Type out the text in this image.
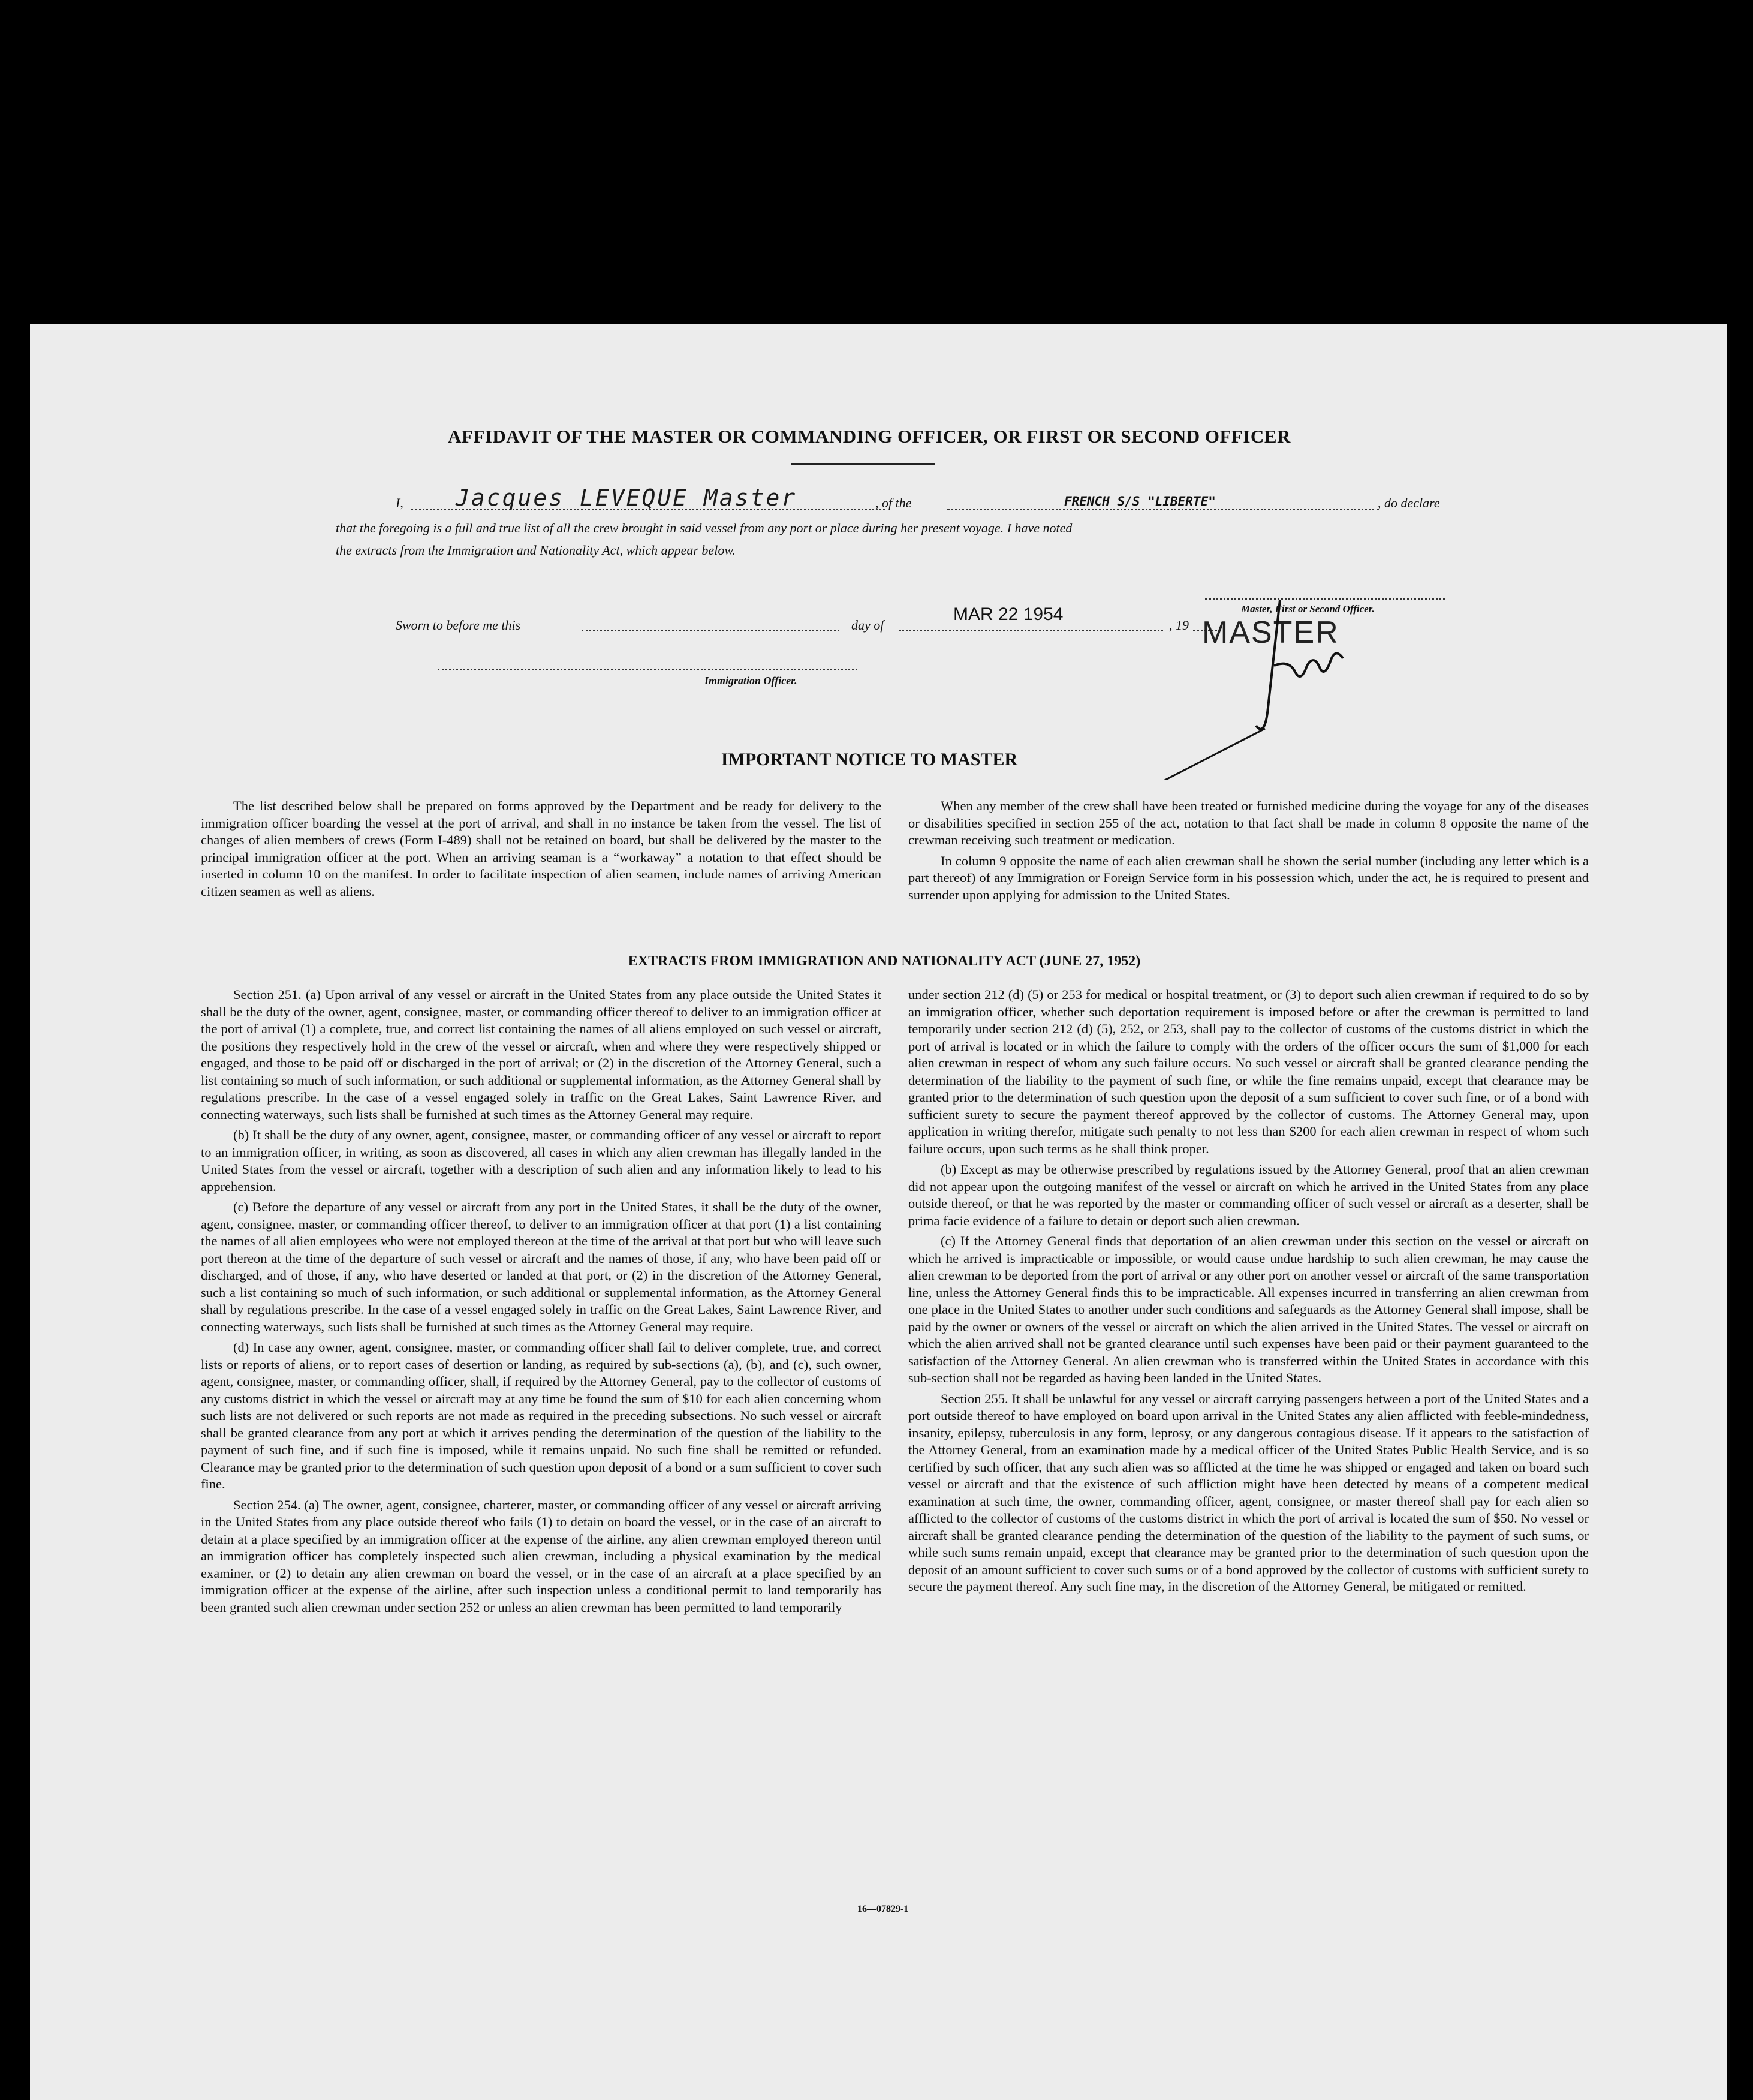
AFFIDAVIT OF THE MASTER OR COMMANDING OFFICER, OR FIRST OR SECOND OFFICER
I, Jacques LEVEQUE Master	, of the	FRENCH S/S "LIBERTE"	, do declare
that the foregoing is a full and true list of all the crew brought in said vessel from any port or place during her present voyage. I have noted
the extracts from the Immigration and Nationality Act, which appear below.
Sworn to before me this	day of
MAR 22 1954
, 19
Master, First or Second Officer.
MASTER
Immigration Officer.
IMPORTANT NOTICE TO MASTER

The list described below shall be prepared on forms approved by the Department and be ready for delivery to the immigration officer boarding the vessel at the port of arrival, and shall in no instance be taken from the vessel. The list of changes of alien members of crews (Form I-489) shall not be retained on board, but shall be delivered by the master to the principal immigration officer at the port. When an arriving seaman is a “workaway” a notation to that effect should be inserted in column 10 on the manifest. In order to facilitate inspection of alien seamen, include names of arriving American citizen seamen as well as aliens.

When any member of the crew shall have been treated or furnished medicine during the voyage for any of the diseases or disabilities specified in section 255 of the act, notation to that fact shall be made in column 8 opposite the name of the crewman receiving such treatment or medication.

In column 9 opposite the name of each alien crewman shall be shown the serial number (including any letter which is a part thereof) of any Immigration or Foreign Service form in his possession which, under the act, he is required to present and surrender upon applying for admission to the United States.

EXTRACTS FROM IMMIGRATION AND NATIONALITY ACT (JUNE 27, 1952)

Section 251. (a) Upon arrival of any vessel or aircraft in the United States from any place outside the United States it shall be the duty of the owner, agent, consignee, master, or commanding officer thereof to deliver to an immigration officer at the port of arrival (1) a complete, true, and correct list containing the names of all aliens employed on such vessel or aircraft, the positions they respectively hold in the crew of the vessel or aircraft, when and where they were respectively shipped or engaged, and those to be paid off or discharged in the port of arrival; or (2) in the discretion of the Attorney General, such a list containing so much of such information, or such additional or supplemental information, as the Attorney General shall by regulations prescribe. In the case of a vessel engaged solely in traffic on the Great Lakes, Saint Lawrence River, and connecting waterways, such lists shall be furnished at such times as the Attorney General may require.

(b) It shall be the duty of any owner, agent, consignee, master, or commanding officer of any vessel or aircraft to report to an immigration officer, in writing, as soon as discovered, all cases in which any alien crewman has illegally landed in the United States from the vessel or aircraft, together with a description of such alien and any information likely to lead to his apprehension.

(c) Before the departure of any vessel or aircraft from any port in the United States, it shall be the duty of the owner, agent, consignee, master, or commanding officer thereof, to deliver to an immigration officer at that port (1) a list containing the names of all alien employees who were not employed thereon at the time of the arrival at that port but who will leave such port thereon at the time of the departure of such vessel or aircraft and the names of those, if any, who have been paid off or discharged, and of those, if any, who have deserted or landed at that port, or (2) in the discretion of the Attorney General, such a list containing so much of such information, or such additional or supplemental information, as the Attorney General shall by regulations prescribe. In the case of a vessel engaged solely in traffic on the Great Lakes, Saint Lawrence River, and connecting waterways, such lists shall be furnished at such times as the Attorney General may require.

(d) In case any owner, agent, consignee, master, or commanding officer shall fail to deliver complete, true, and correct lists or reports of aliens, or to report cases of desertion or landing, as required by sub-sections (a), (b), and (c), such owner, agent, consignee, master, or commanding officer, shall, if required by the Attorney General, pay to the collector of customs of any customs district in which the vessel or aircraft may at any time be found the sum of $10 for each alien concerning whom such lists are not delivered or such reports are not made as required in the preceding subsections. No such vessel or aircraft shall be granted clearance from any port at which it arrives pending the determination of the question of the liability to the payment of such fine, and if such fine is imposed, while it remains unpaid. No such fine shall be remitted or refunded. Clearance may be granted prior to the determination of such question upon deposit of a bond or a sum sufficient to cover such fine.

Section 254. (a) The owner, agent, consignee, charterer, master, or commanding officer of any vessel or aircraft arriving in the United States from any place outside thereof who fails (1) to detain on board the vessel, or in the case of an aircraft to detain at a place specified by an immigration officer at the expense of the airline, any alien crewman employed thereon until an immigration officer has completely inspected such alien crewman, including a physical examination by the medical examiner, or (2) to detain any alien crewman on board the vessel, or in the case of an aircraft at a place specified by an immigration officer at the expense of the airline, after such inspection unless a conditional permit to land temporarily has been granted such alien crewman under section 252 or unless an alien crewman has been permitted to land temporarily

under section 212 (d) (5) or 253 for medical or hospital treatment, or (3) to deport such alien crewman if required to do so by an immigration officer, whether such deportation requirement is imposed before or after the crewman is permitted to land temporarily under section 212 (d) (5), 252, or 253, shall pay to the collector of customs of the customs district in which the port of arrival is located or in which the failure to comply with the orders of the officer occurs the sum of $1,000 for each alien crewman in respect of whom any such failure occurs. No such vessel or aircraft shall be granted clearance pending the determination of the liability to the payment of such fine, or while the fine remains unpaid, except that clearance may be granted prior to the determination of such question upon the deposit of a sum sufficient to cover such fine, or of a bond with sufficient surety to secure the payment thereof approved by the collector of customs. The Attorney General may, upon application in writing therefor, mitigate such penalty to not less than $200 for each alien crewman in respect of whom such failure occurs, upon such terms as he shall think proper.

(b) Except as may be otherwise prescribed by regulations issued by the Attorney General, proof that an alien crewman did not appear upon the outgoing manifest of the vessel or aircraft on which he arrived in the United States from any place outside thereof, or that he was reported by the master or commanding officer of such vessel or aircraft as a deserter, shall be prima facie evidence of a failure to detain or deport such alien crewman.

(c) If the Attorney General finds that deportation of an alien crewman under this section on the vessel or aircraft on which he arrived is impracticable or impossible, or would cause undue hardship to such alien crewman, he may cause the alien crewman to be deported from the port of arrival or any other port on another vessel or aircraft of the same transportation line, unless the Attorney General finds this to be impracticable. All expenses incurred in transferring an alien crewman from one place in the United States to another under such conditions and safeguards as the Attorney General shall impose, shall be paid by the owner or owners of the vessel or aircraft on which the alien arrived in the United States. The vessel or aircraft on which the alien arrived shall not be granted clearance until such expenses have been paid or their payment guaranteed to the satisfaction of the Attorney General. An alien crewman who is transferred within the United States in accordance with this sub-section shall not be regarded as having been landed in the United States.

Section 255. It shall be unlawful for any vessel or aircraft carrying passengers between a port of the United States and a port outside thereof to have employed on board upon arrival in the United States any alien afflicted with feeble-mindedness, insanity, epilepsy, tuberculosis in any form, leprosy, or any dangerous contagious disease. If it appears to the satisfaction of the Attorney General, from an examination made by a medical officer of the United States Public Health Service, and is so certified by such officer, that any such alien was so afflicted at the time he was shipped or engaged and taken on board such vessel or aircraft and that the existence of such affliction might have been detected by means of a competent medical examination at such time, the owner, commanding officer, agent, consignee, or master thereof shall pay for each alien so afflicted to the collector of customs of the customs district in which the port of arrival is located the sum of $50. No vessel or aircraft shall be granted clearance pending the determination of the question of the liability to the payment of such sums, or while such sums remain unpaid, except that clearance may be granted prior to the determination of such question upon the deposit of an amount sufficient to cover such sums or of a bond approved by the collector of customs with sufficient surety to secure the payment thereof. Any such fine may, in the discretion of the Attorney General, be mitigated or remitted.

16—07829-1
